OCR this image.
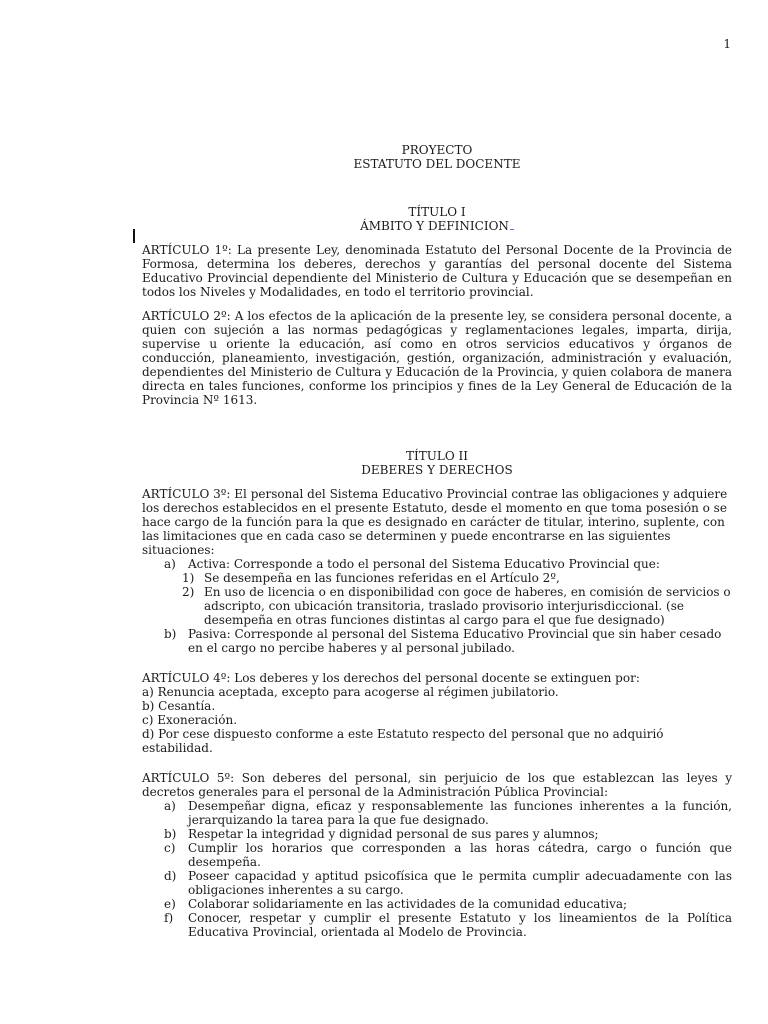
1

PROYECTO

ESTATUTO DEL DOCENTE

TÍTULO I

ÁMBITO Y DEFINICION

ARTÍCULO 1º: La presente Ley, denominada Estatuto del Personal Docente de la Provincia de Formosa, determina los deberes, derechos y garantías del personal docente del Sistema Educativo Provincial dependiente del Ministerio de Cultura y Educación que se desempeñan en todos los Niveles y Modalidades, en todo el territorio provincial.

ARTÍCULO 2º: A los efectos de la aplicación de la presente ley, se considera personal docente, a quien con sujeción a las normas pedagógicas y reglamentaciones legales, imparta, dirija, supervise u oriente la educación, así como en otros servicios educativos y órganos de conducción, planeamiento, investigación, gestión, organización, administración y evaluación, dependientes del Ministerio de Cultura y Educación de la Provincia, y quien colabora de manera directa en tales funciones, conforme los principios y fines de la Ley General de Educación de la Provincia Nº 1613.

TÍTULO II

DEBERES Y DERECHOS

ARTÍCULO 3º: El personal del Sistema Educativo Provincial contrae las obligaciones y adquiere los derechos establecidos en el presente Estatuto, desde el momento en que toma posesión o se hace cargo de la función para la que es designado en carácter de titular, interino, suplente, con las limitaciones que en cada caso se determinen y puede encontrarse en las siguientes situaciones:

a) Activa: Corresponde a todo el personal del Sistema Educativo Provincial que:
1) Se desempeña en las funciones referidas en el Artículo 2º,
2) En uso de licencia o en disponibilidad con goce de haberes, en comisión de servicios o adscripto, con ubicación transitoria, traslado provisorio interjurisdiccional. (se desempeña en otras funciones distintas al cargo para el que fue designado)
b) Pasiva: Corresponde al personal del Sistema Educativo Provincial que sin haber cesado en el cargo no percibe haberes y al personal jubilado.

ARTÍCULO 4º: Los deberes y los derechos del personal docente se extinguen por:

a) Renuncia aceptada, excepto para acogerse al régimen jubilatorio.

b) Cesantía.

c) Exoneración.

d) Por cese dispuesto conforme a este Estatuto respecto del personal que no adquirió estabilidad.

ARTÍCULO 5º: Son deberes del personal, sin perjuicio de los que establezcan las leyes y decretos generales para el personal de la Administración Pública Provincial:

a) Desempeñar digna, eficaz y responsablemente las funciones inherentes a la función, jerarquizando la tarea para la que fue designado.
b) Respetar la integridad y dignidad personal de sus pares y alumnos;
c) Cumplir los horarios que corresponden a las horas cátedra, cargo o función que desempeña.
d) Poseer capacidad y aptitud psicofísica que le permita cumplir adecuadamente con las obligaciones inherentes a su cargo.
e) Colaborar solidariamente en las actividades de la comunidad educativa;
f) Conocer, respetar y cumplir el presente Estatuto y los lineamientos de la Política Educativa Provincial, orientada al Modelo de Provincia.
